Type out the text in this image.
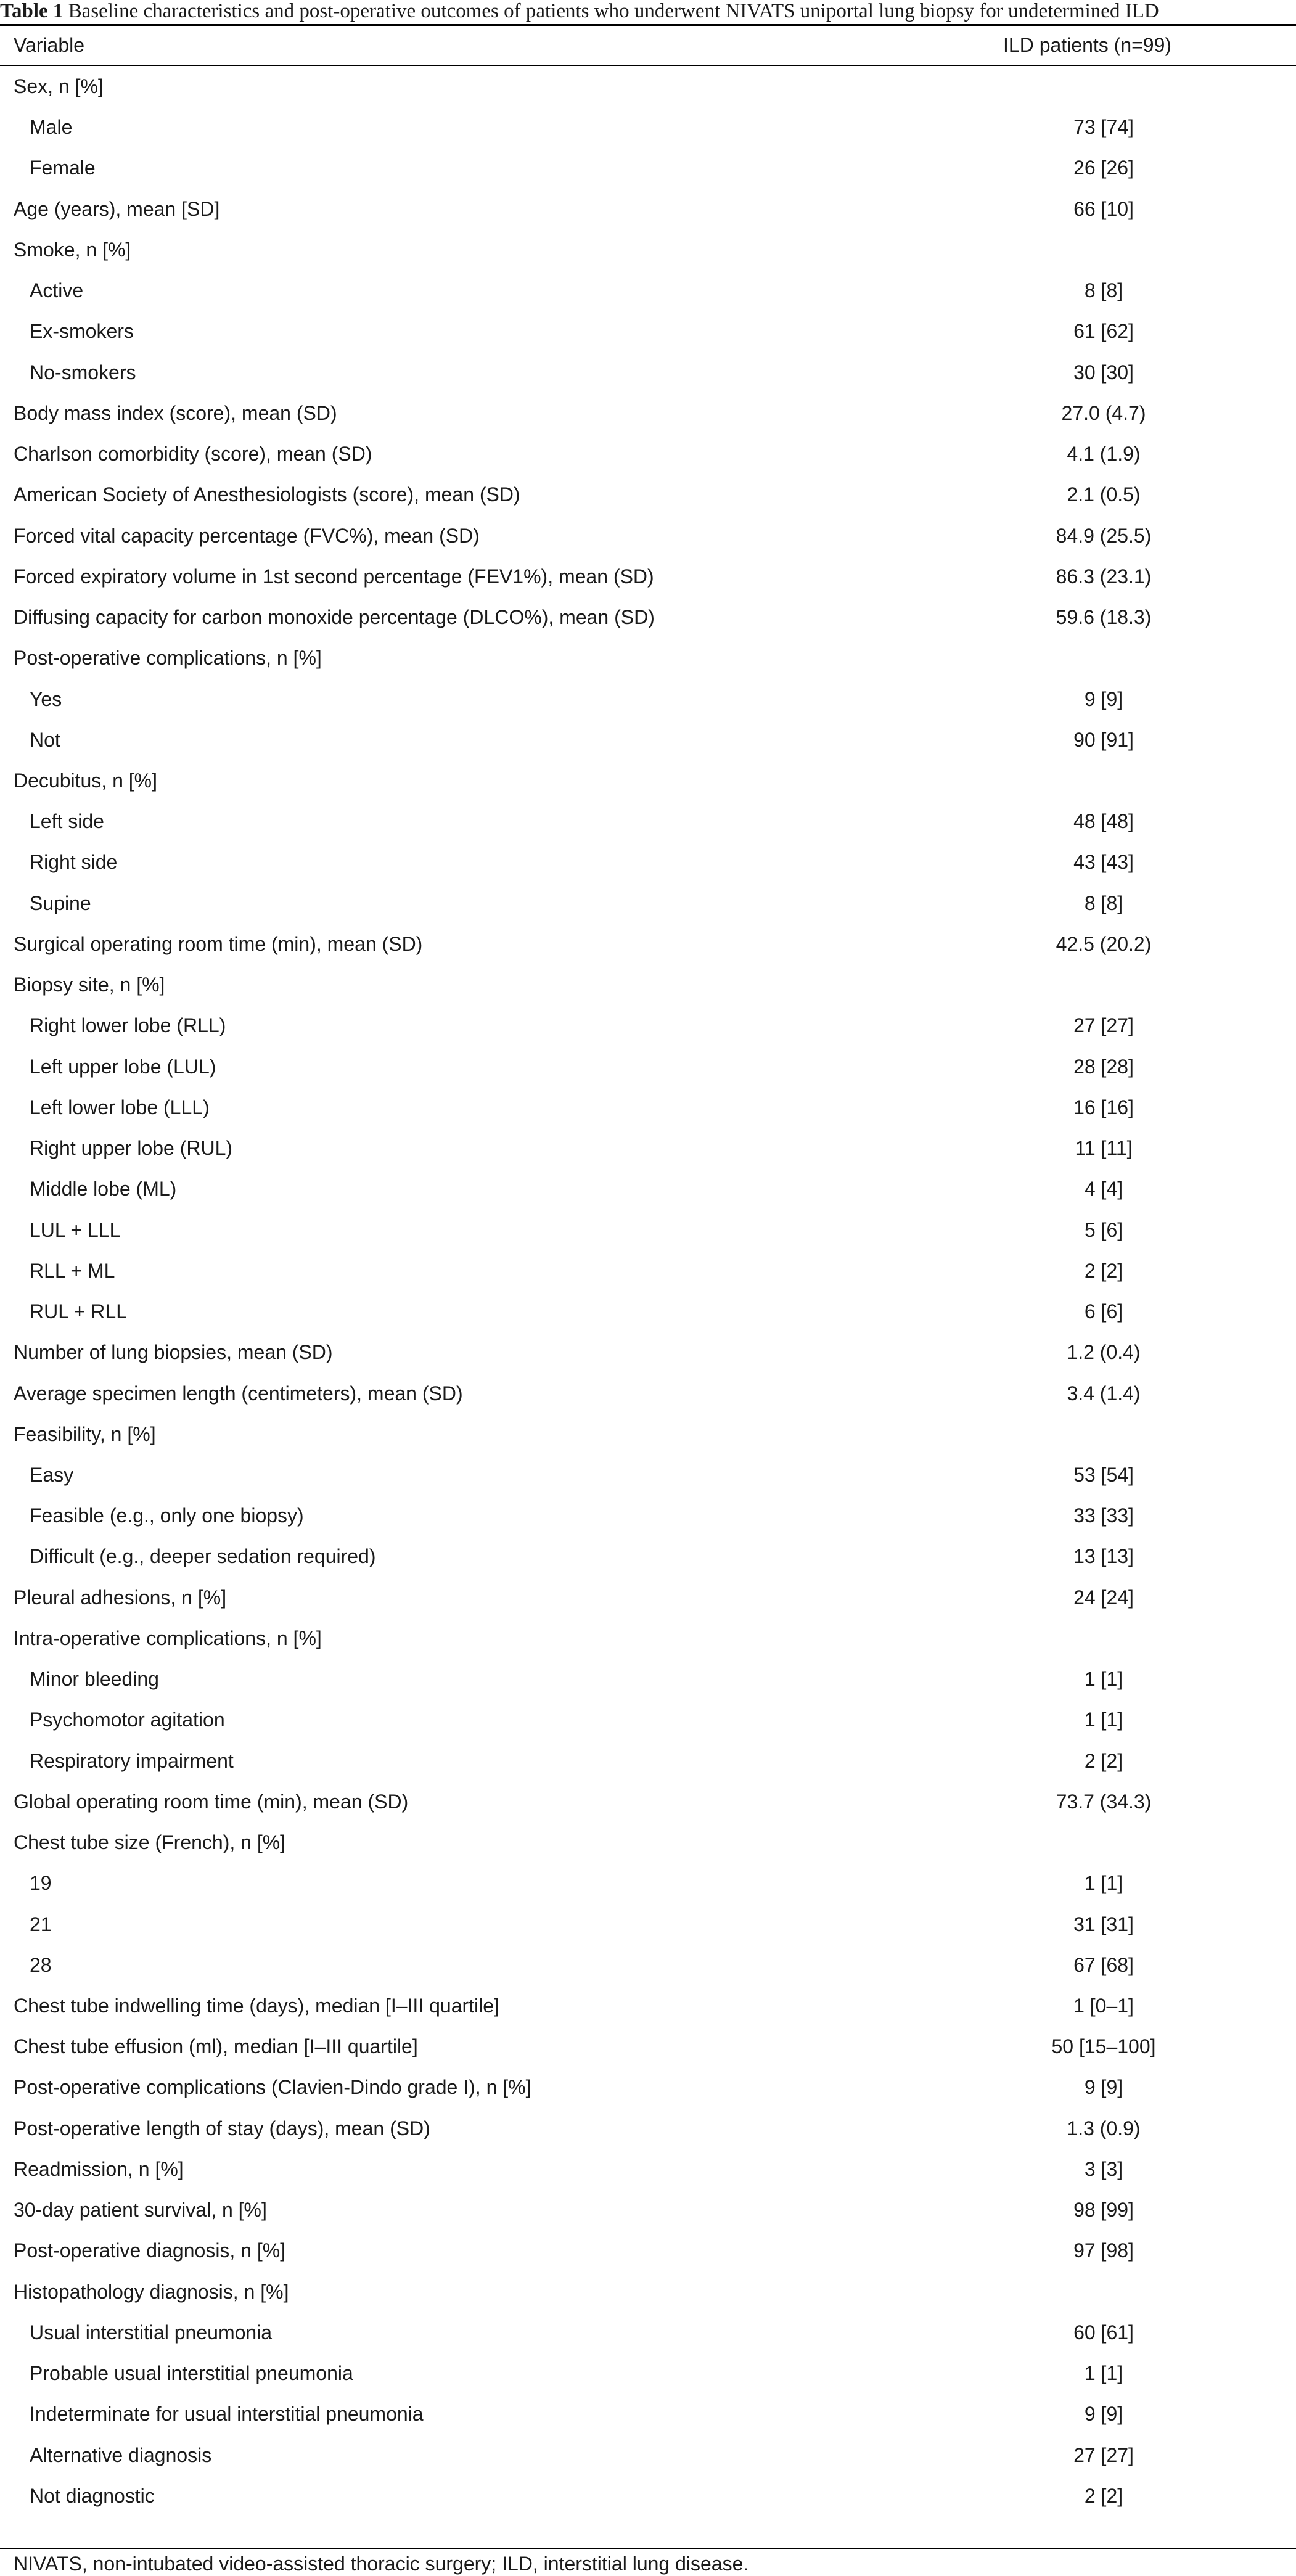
Table 1 Baseline characteristics and post-operative outcomes of patients who underwent NIVATS uniportal lung biopsy for undetermined ILD
Variable	ILD patients (n=99)
Sex, n [%]
Male	73 [74]
Female	26 [26]
Age (years), mean [SD]	66 [10]
Smoke, n [%]
Active	8 [8]
Ex-smokers	61 [62]
No-smokers	30 [30]
Body mass index (score), mean (SD)	27.0 (4.7)
Charlson comorbidity (score), mean (SD)	4.1 (1.9)
American Society of Anesthesiologists (score), mean (SD)	2.1 (0.5)
Forced vital capacity percentage (FVC%), mean (SD)	84.9 (25.5)
Forced expiratory volume in 1st second percentage (FEV1%), mean (SD)	86.3 (23.1)
Diffusing capacity for carbon monoxide percentage (DLCO%), mean (SD)	59.6 (18.3)
Post-operative complications, n [%]
Yes	9 [9]
Not	90 [91]
Decubitus, n [%]
Left side	48 [48]
Right side	43 [43]
Supine	8 [8]
Surgical operating room time (min), mean (SD)	42.5 (20.2)
Biopsy site, n [%]
Right lower lobe (RLL)	27 [27]
Left upper lobe (LUL)	28 [28]
Left lower lobe (LLL)	16 [16]
Right upper lobe (RUL)	11 [11]
Middle lobe (ML)	4 [4]
LUL + LLL	5 [6]
RLL + ML	2 [2]
RUL + RLL	6 [6]
Number of lung biopsies, mean (SD)	1.2 (0.4)
Average specimen length (centimeters), mean (SD)	3.4 (1.4)
Feasibility, n [%]
Easy	53 [54]
Feasible (e.g., only one biopsy)	33 [33]
Difficult (e.g., deeper sedation required)	13 [13]
Pleural adhesions, n [%]	24 [24]
Intra-operative complications, n [%]
Minor bleeding	1 [1]
Psychomotor agitation	1 [1]
Respiratory impairment	2 [2]
Global operating room time (min), mean (SD)	73.7 (34.3)
Chest tube size (French), n [%]
19	1 [1]
21	31 [31]
28	67 [68]
Chest tube indwelling time (days), median [I–III quartile]	1 [0–1]
Chest tube effusion (ml), median [I–III quartile]	50 [15–100]
Post-operative complications (Clavien-Dindo grade I), n [%]	9 [9]
Post-operative length of stay (days), mean (SD)	1.3 (0.9)
Readmission, n [%]	3 [3]
30-day patient survival, n [%]	98 [99]
Post-operative diagnosis, n [%]	97 [98]
Histopathology diagnosis, n [%]
Usual interstitial pneumonia	60 [61]
Probable usual interstitial pneumonia	1 [1]
Indeterminate for usual interstitial pneumonia	9 [9]
Alternative diagnosis	27 [27]
Not diagnostic	2 [2]
NIVATS, non-intubated video-assisted thoracic surgery; ILD, interstitial lung disease.
